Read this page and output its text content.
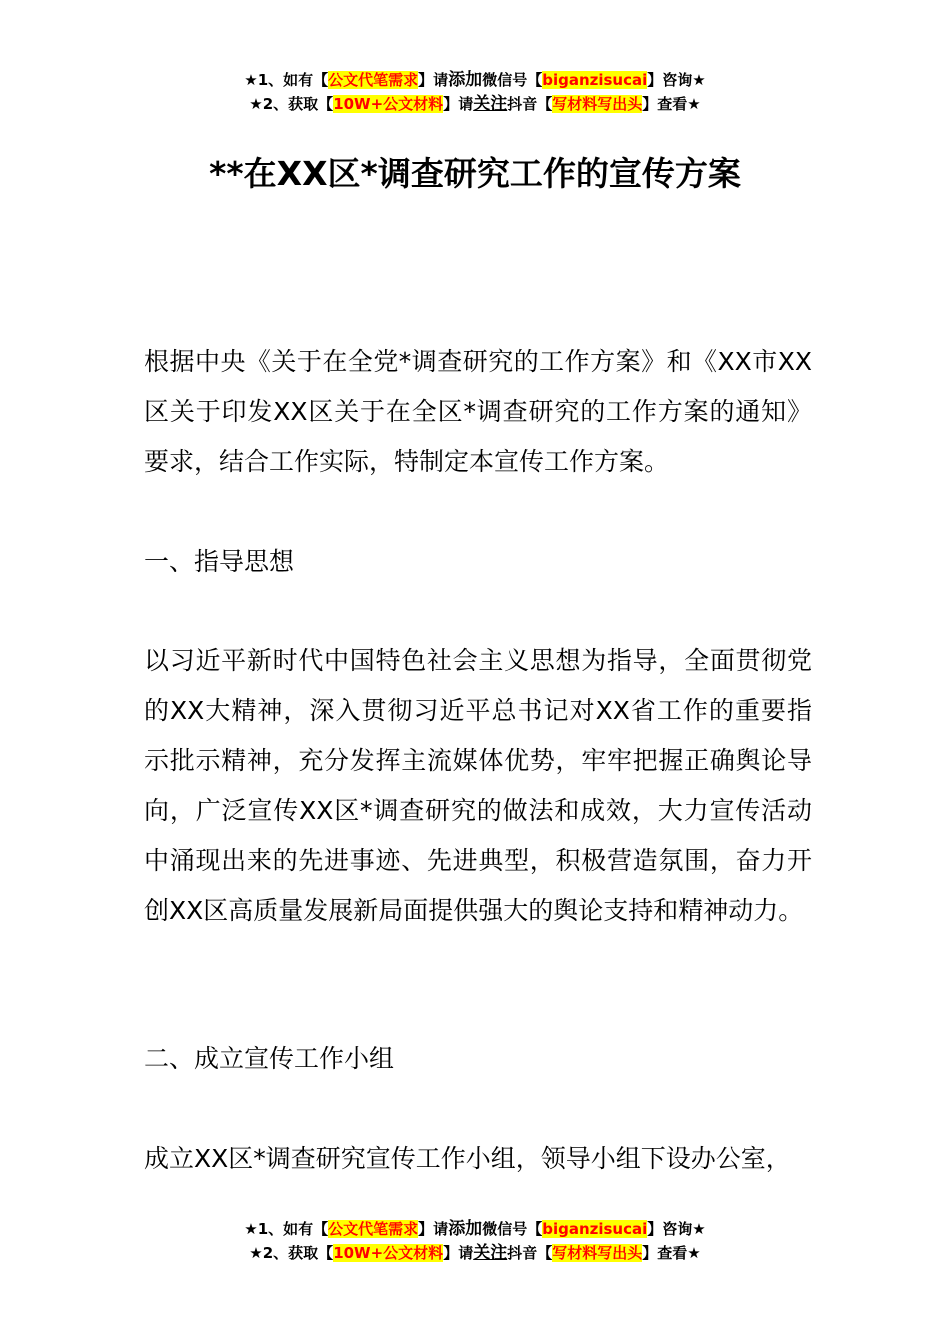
★1、如有【公文代笔需求】请添加微信号【biganzisucai】咨询★
★2、获取【10W+公文材料】请关注抖音【写材料写出头】查看★
**在XX区*调查研究工作的宣传方案
根据中央《关于在全党*调查研究的工作方案》和《XX市XX区关于印发XX区关于在全区*调查研究的工作方案的通知》要求，结合工作实际，特制定本宣传工作方案。
一、指导思想
以习近平新时代中国特色社会主义思想为指导，全面贯彻党的XX大精神，深入贯彻习近平总书记对XX省工作的重要指示批示精神，充分发挥主流媒体优势，牢牢把握正确舆论导向，广泛宣传XX区*调查研究的做法和成效，大力宣传活动中涌现出来的先进事迹、先进典型，积极营造氛围，奋力开创XX区高质量发展新局面提供强大的舆论支持和精神动力。
二、成立宣传工作小组
成立XX区*调查研究宣传工作小组，领导小组下设办公室，
★1、如有【公文代笔需求】请添加微信号【biganzisucai】咨询★
★2、获取【10W+公文材料】请关注抖音【写材料写出头】查看★
